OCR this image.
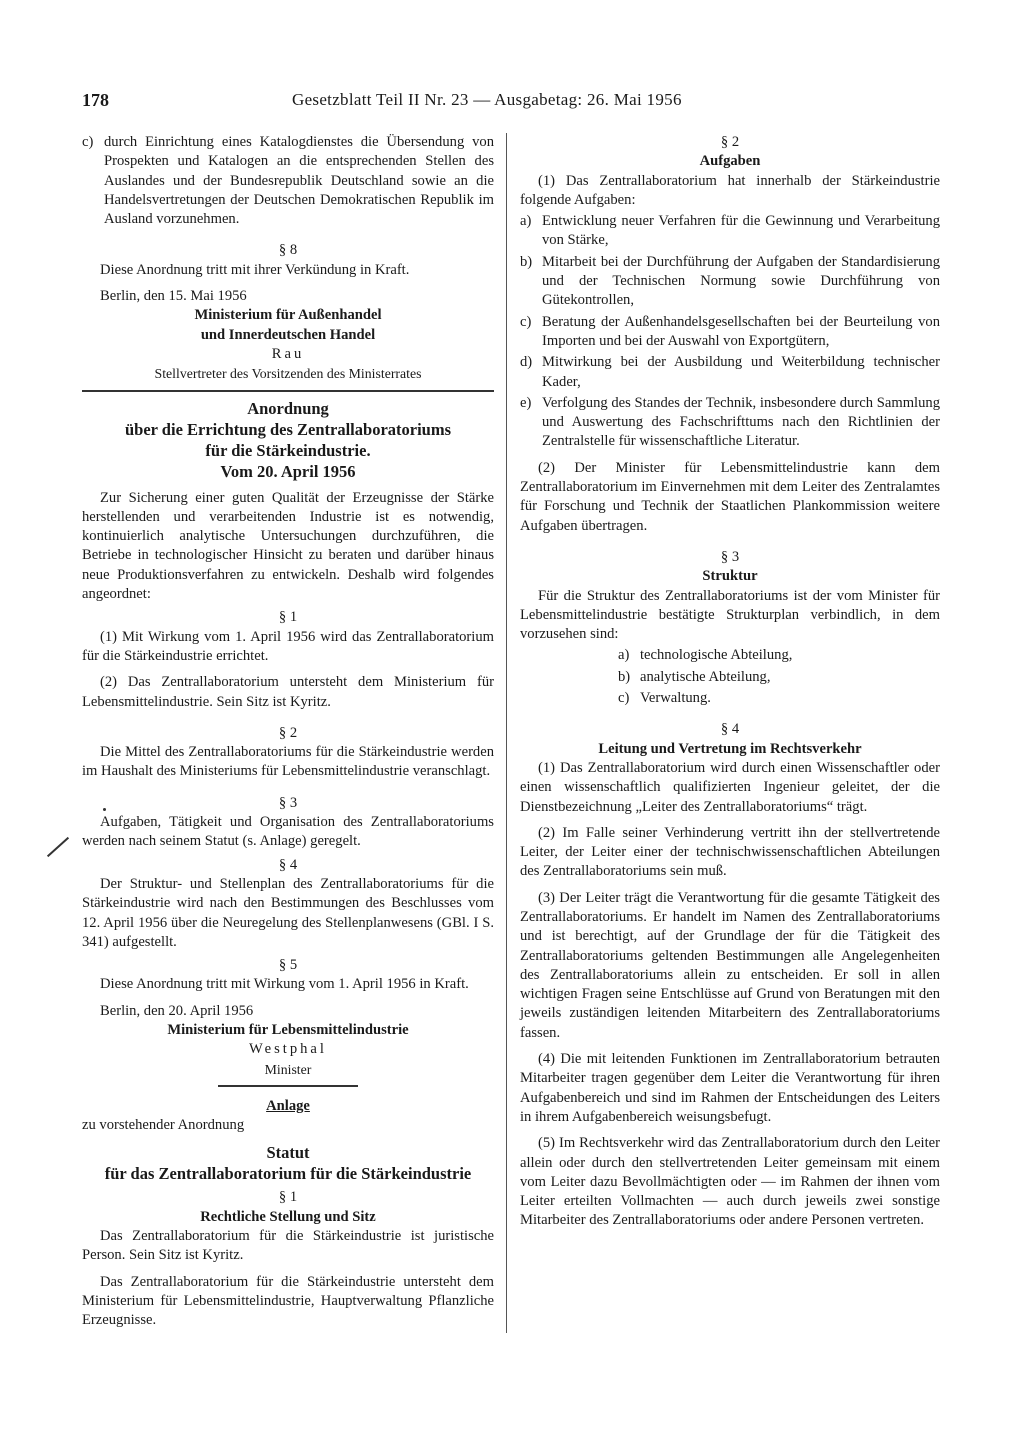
178	Gesetzblatt Teil II Nr. 23 — Ausgabetag: 26. Mai 1956
c) durch Einrichtung eines Katalogdienstes die Übersendung von Prospekten und Katalogen an die entsprechenden Stellen des Auslandes und der Bundesrepublik Deutschland sowie an die Handelsvertretungen der Deutschen Demokratischen Republik im Ausland vorzunehmen.

§ 8

Diese Anordnung tritt mit ihrer Verkündung in Kraft.

Berlin, den 15. Mai 1956

Ministerium für Außenhandel

und Innerdeutschen Handel

Rau

Stellvertreter des Vorsitzenden des Ministerrates

Anordnung

über die Errichtung des Zentrallaboratoriums

für die Stärkeindustrie.

Vom 20. April 1956

Zur Sicherung einer guten Qualität der Erzeugnisse der Stärke herstellenden und verarbeitenden Industrie ist es notwendig, kontinuierlich analytische Untersuchungen durchzuführen, die Betriebe in technologischer Hinsicht zu beraten und darüber hinaus neue Produktionsverfahren zu entwickeln. Deshalb wird folgendes angeordnet:

§ 1

(1) Mit Wirkung vom 1. April 1956 wird das Zentrallaboratorium für die Stärkeindustrie errichtet.

(2) Das Zentrallaboratorium untersteht dem Ministerium für Lebensmittelindustrie. Sein Sitz ist Kyritz.

§ 2

Die Mittel des Zentrallaboratoriums für die Stärkeindustrie werden im Haushalt des Ministeriums für Lebensmittelindustrie veranschlagt.

§ 3

Aufgaben, Tätigkeit und Organisation des Zentrallaboratoriums werden nach seinem Statut (s. Anlage) geregelt.

§ 4

Der Struktur- und Stellenplan des Zentrallaboratoriums für die Stärkeindustrie wird nach den Bestimmungen des Beschlusses vom 12. April 1956 über die Neuregelung des Stellenplanwesens (GBl. I S. 341) aufgestellt.

§ 5

Diese Anordnung tritt mit Wirkung vom 1. April 1956 in Kraft.

Berlin, den 20. April 1956

Ministerium für Lebensmittelindustrie

Westphal

Minister

Anlage

zu vorstehender Anordnung

Statut

für das Zentrallaboratorium für die Stärkeindustrie

§ 1

Rechtliche Stellung und Sitz

Das Zentrallaboratorium für die Stärkeindustrie ist juristische Person. Sein Sitz ist Kyritz.

Das Zentrallaboratorium für die Stärkeindustrie untersteht dem Ministerium für Lebensmittelindustrie, Hauptverwaltung Pflanzliche Erzeugnisse.

§ 2

Aufgaben

(1) Das Zentrallaboratorium hat innerhalb der Stärkeindustrie folgende Aufgaben:

a) Entwicklung neuer Verfahren für die Gewinnung und Verarbeitung von Stärke,
b) Mitarbeit bei der Durchführung der Aufgaben der Standardisierung und der Technischen Normung sowie Durchführung von Gütekontrollen,
c) Beratung der Außenhandelsgesellschaften bei der Beurteilung von Importen und bei der Auswahl von Exportgütern,
d) Mitwirkung bei der Ausbildung und Weiterbildung technischer Kader,
e) Verfolgung des Standes der Technik, insbesondere durch Sammlung und Auswertung des Fachschrifttums nach den Richtlinien der Zentralstelle für wissenschaftliche Literatur.

(2) Der Minister für Lebensmittelindustrie kann dem Zentrallaboratorium im Einvernehmen mit dem Leiter des Zentralamtes für Forschung und Technik der Staatlichen Plankommission weitere Aufgaben übertragen.

§ 3

Struktur

Für die Struktur des Zentrallaboratoriums ist der vom Minister für Lebensmittelindustrie bestätigte Strukturplan verbindlich, in dem vorzusehen sind:

a) technologische Abteilung,
b) analytische Abteilung,
c) Verwaltung.

§ 4

Leitung und Vertretung im Rechtsverkehr

(1) Das Zentrallaboratorium wird durch einen Wissenschaftler oder einen wissenschaftlich qualifizierten Ingenieur geleitet, der die Dienstbezeichnung „Leiter des Zentrallaboratoriums“ trägt.

(2) Im Falle seiner Verhinderung vertritt ihn der stellvertretende Leiter, der Leiter einer der technischwissenschaftlichen Abteilungen des Zentrallaboratoriums sein muß.

(3) Der Leiter trägt die Verantwortung für die gesamte Tätigkeit des Zentrallaboratoriums. Er handelt im Namen des Zentrallaboratoriums und ist berechtigt, auf der Grundlage der für die Tätigkeit des Zentrallaboratoriums geltenden Bestimmungen alle Angelegenheiten des Zentrallaboratoriums allein zu entscheiden. Er soll in allen wichtigen Fragen seine Entschlüsse auf Grund von Beratungen mit den jeweils zuständigen leitenden Mitarbeitern des Zentrallaboratoriums fassen.

(4) Die mit leitenden Funktionen im Zentrallaboratorium betrauten Mitarbeiter tragen gegenüber dem Leiter die Verantwortung für ihren Aufgabenbereich und sind im Rahmen der Entscheidungen des Leiters in ihrem Aufgabenbereich weisungsbefugt.

(5) Im Rechtsverkehr wird das Zentrallaboratorium durch den Leiter allein oder durch den stellvertretenden Leiter gemeinsam mit einem vom Leiter dazu Bevollmächtigten oder — im Rahmen der ihnen vom Leiter erteilten Vollmachten — auch durch jeweils zwei sonstige Mitarbeiter des Zentrallaboratoriums oder andere Personen vertreten.
